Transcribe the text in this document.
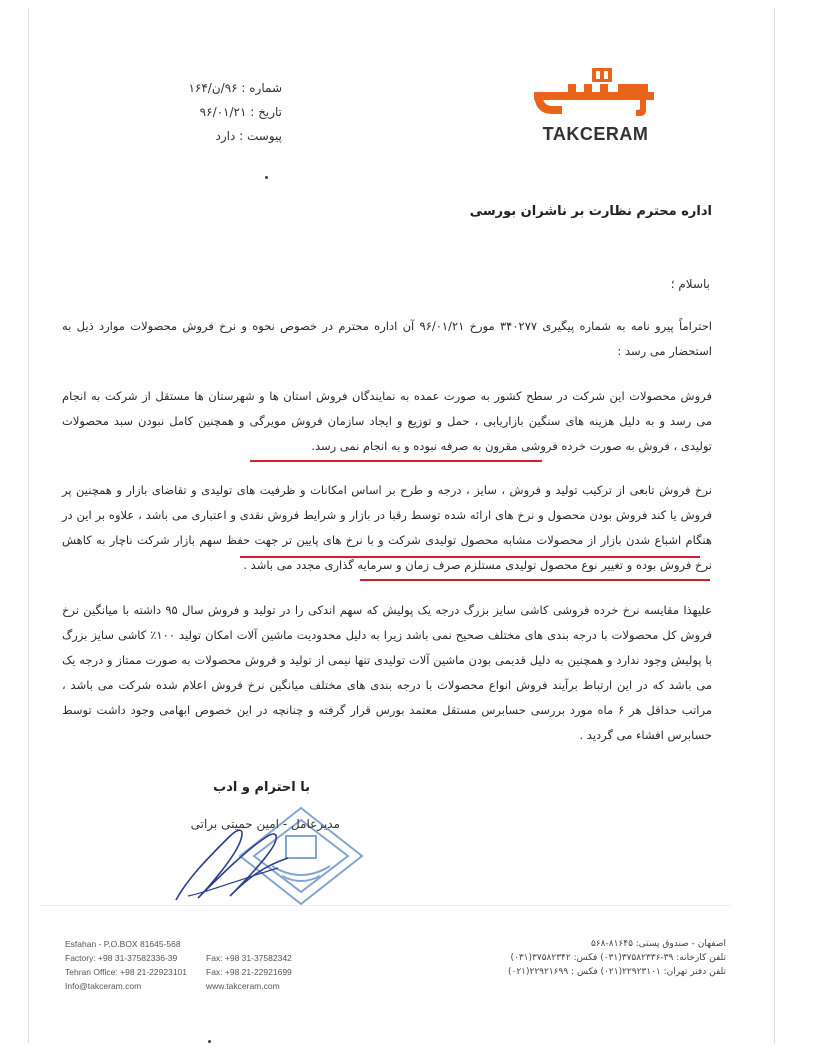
TAKCERAM
شماره : ۹۶/ن/۱۶۴
تاریخ : ۹۶/۰۱/۲۱
پیوست : دارد
اداره محترم نظارت بر ناشران بورسی
باسلام ؛
احتراماً پیرو نامه به شماره پیگیری ۳۴۰۲۷۷ مورخ ۹۶/۰۱/۲۱ آن اداره محترم در خصوص نحوه و نرخ فروش محصولات موارد ذیل به استحضار می رسد :
فروش محصولات این شرکت در سطح کشور به صورت عمده به نمایندگان فروش استان ها و شهرستان ها مستقل از شرکت به انجام می رسد و به دلیل هزینه های سنگین بازاریابی ، حمل و توزیع و ایجاد سازمان فروش مویرگی و همچنین کامل نبودن سبد محصولات تولیدی ، فروش به صورت خرده فروشی مقرون به صرفه نبوده و به انجام نمی رسد.
نرخ فروش تابعی از ترکیب تولید و فروش ، سایز ، درجه و طرح بر اساس امکانات و ظرفیت های تولیدی و تقاضای بازار و همچنین پر فروش یا کند فروش بودن محصول و نرخ های ارائه شده توسط رقبا در بازار و شرایط فروش نقدی و اعتباری می باشد ، علاوه بر این در هنگام اشباع شدن بازار از محصولات مشابه محصول تولیدی شرکت و با نرخ های پایین تر جهت حفظ سهم بازار شرکت ناچار به کاهش نرخ فروش بوده و تغییر نوع محصول تولیدی مستلزم صرف زمان و سرمایه گذاری مجدد می باشد .
علیهذا مقایسه نرخ خرده فروشی کاشی سایز بزرگ درجه یک پولیش که سهم اندکی را در تولید و فروش سال ۹۵ داشته با میانگین نرخ فروش کل محصولات با درجه بندی های مختلف صحیح نمی باشد زیرا به دلیل محدودیت ماشین آلات امکان تولید ۱۰۰٪ کاشی سایز بزرگ با پولیش وجود ندارد و همچنین به دلیل قدیمی بودن ماشین آلات تولیدی تنها نیمی از تولید و فروش محصولات به صورت ممتاز و درجه یک می باشد که در این ارتباط برآیند فروش انواع محصولات با درجه بندی های مختلف میانگین نرخ فروش اعلام شده شرکت می باشد ، مراتب حداقل هر ۶ ماه مورد بررسی حسابرس مستقل معتمد بورس قرار گرفته و چنانچه در این خصوص ابهامی وجود داشت توسط حسابرس افشاء می گردید .
با احترام و ادب
مدیرعامل - امین حمیتی براتی
Esfahan - P.O.BOX 81645-568
Factory: +98 31-37582336-39
Tehran Office: +98 21-22923101
Info@takceram.com
Fax: +98 31-37582342
Fax: +98 21-22921699
www.takceram.com
اصفهان - صندوق پستی: ۸۱۶۴۵-۵۶۸
تلفن کارخانه: ۳۹-۳۷۵۸۲۳۳۶(۰۳۱) فکس: ۳۷۵۸۲۳۴۲(۰۳۱)
تلفن دفتر تهران: ۲۲۹۲۳۱۰۱(۰۲۱) فکس : ۲۲۹۲۱۶۹۹(۰۲۱)
